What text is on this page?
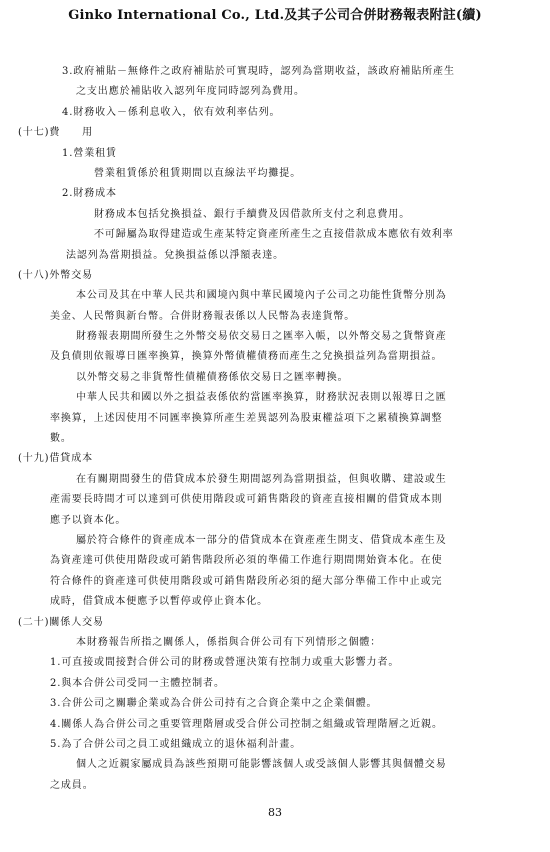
Ginko International Co., Ltd.及其子公司合併財務報表附註(續)
3.政府補貼－無條件之政府補貼於可實現時，認列為當期收益，該政府補貼所產生
之支出應於補貼收入認列年度同時認列為費用。
4.財務收入－係利息收入，依有效利率估列。
(十七)費　　用
1.營業租賃
營業租賃係於租賃期間以直線法平均攤提。
2.財務成本
財務成本包括兌換損益、銀行手續費及因借款所支付之利息費用。
不可歸屬為取得建造或生產某特定資產所產生之直接借款成本應依有效利率
法認列為當期損益。兌換損益係以淨額表達。
(十八)外幣交易
本公司及其在中華人民共和國境內與中華民國境內子公司之功能性貨幣分別為
美金、人民幣與新台幣。合併財務報表係以人民幣為表達貨幣。
財務報表期間所發生之外幣交易依交易日之匯率入帳，以外幣交易之貨幣資產
及負債則依報導日匯率換算，換算外幣債權債務而產生之兌換損益列為當期損益。
以外幣交易之非貨幣性債權債務係依交易日之匯率轉換。
中華人民共和國以外之損益表係依約當匯率換算，財務狀況表則以報導日之匯
率換算，上述因使用不同匯率換算所產生差異認列為股東權益項下之累積換算調整
數。
(十九)借貸成本
在有關期間發生的借貸成本於發生期間認列為當期損益，但與收購、建設或生
產需要長時間才可以達到可供使用階段或可銷售階段的資產直接相關的借貸成本則
應予以資本化。
屬於符合條件的資產成本一部分的借貸成本在資產產生開支、借貸成本產生及
為資產達可供使用階段或可銷售階段所必須的準備工作進行期間開始資本化。在使
符合條件的資產達可供使用階段或可銷售階段所必須的絕大部分準備工作中止或完
成時，借貸成本便應予以暫停或停止資本化。
(二十)關係人交易
本財務報告所指之關係人，係指與合併公司有下列情形之個體：
1.可直接或間接對合併公司的財務或營運決策有控制力或重大影響力者。
2.與本合併公司受同一主體控制者。
3.合併公司之關聯企業或為合併公司持有之合資企業中之企業個體。
4.關係人為合併公司之重要管理階層或受合併公司控制之組織或管理階層之近親。
5.為了合併公司之員工或組織成立的退休福利計畫。
個人之近親家屬成員為該些預期可能影響該個人或受該個人影響其與個體交易
之成員。
83
